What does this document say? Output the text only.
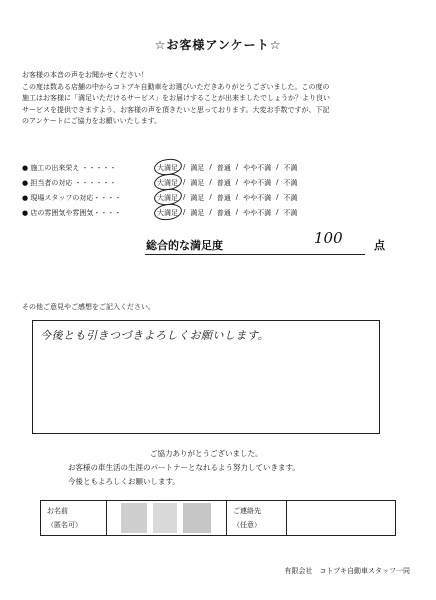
☆お客様アンケート☆
お客様の本音の声をお聞かせください！
この度は数ある店舗の中からコトブキ自動車をお選びいただきありがとうございました。この度の
施工はお客様に「満足いただけるサービス」をお届けすることが出来ましたでしょうか？より良い
サービスを提供できますよう、お客様の声を頂きたいと思っております。大変お手数ですが、下記
のアンケートにご協力をお願いいたします。
● 施工の出来栄え ・・・・・	大満足 / 満足 / 普通 / やや不満 / 不満
● 担当者の対応 ・・・・・・	大満足 / 満足 / 普通 / やや不満 / 不満
● 現場スタッフの対応・・・・	大満足 / 満足 / 普通 / やや不満 / 不満
● 店の雰囲気や雰囲気・・・・	大満足 / 満足 / 普通 / やや不満 / 不満
総合的な満足度	100	点
その他ご意見やご感想をご記入ください。
今後とも引きつづきよろしくお願いします。
ご協力ありがとうございました。
お客様の車生活の生涯のパートナーとなれるよう努力していきます。
今後ともよろしくお願いします。
お名前
（匿名可）
ご連絡先
（任意）
有限会社　コトブキ自動車スタッフ一同
